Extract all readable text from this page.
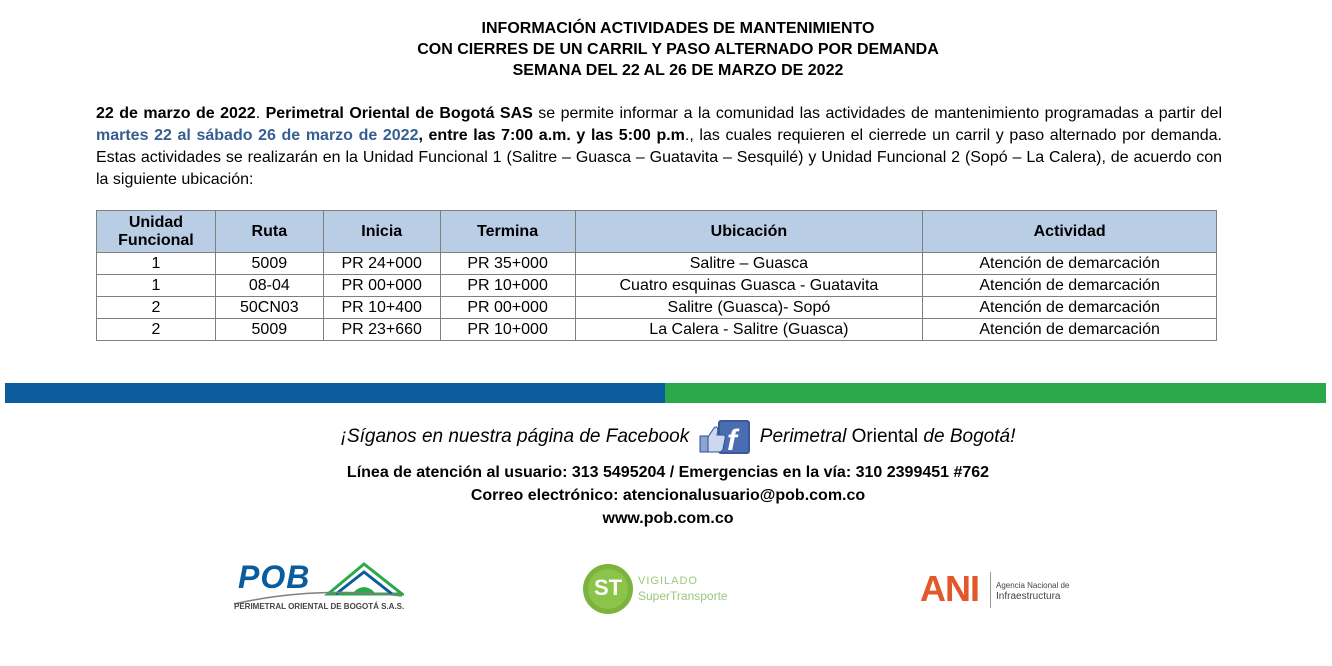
INFORMACIÓN ACTIVIDADES DE MANTENIMIENTO
CON CIERRES DE UN CARRIL Y PASO ALTERNADO POR DEMANDA
SEMANA DEL 22 AL 26 DE MARZO DE 2022
22 de marzo de 2022. Perimetral Oriental de Bogotá SAS se permite informar a la comunidad las actividades de mantenimiento programadas a partir del martes 22 al sábado 26 de marzo de 2022, entre las 7:00 a.m. y las 5:00 p.m., las cuales requieren el cierrede un carril y paso alternado por demanda. Estas actividades se realizarán en la Unidad Funcional 1 (Salitre – Guasca – Guatavita – Sesquilé) y Unidad Funcional 2 (Sopó – La Calera), de acuerdo con la siguiente ubicación:
Unidad Funcional	Ruta	Inicia	Termina	Ubicación	Actividad
1	5009	PR 24+000	PR 35+000	Salitre – Guasca	Atención de demarcación
1	08-04	PR 00+000	PR 10+000	Cuatro esquinas Guasca - Guatavita	Atención de demarcación
2	50CN03	PR 10+400	PR 00+000	Salitre (Guasca)- Sopó	Atención de demarcación
2	5009	PR 23+660	PR 10+000	La Calera - Salitre (Guasca)	Atención de demarcación
¡Síganos en nuestra página de Facebook f Perimetral Oriental de Bogotá!
Línea de atención al usuario: 313 5495204 / Emergencias en la vía: 310 2399451 #762
Correo electrónico: atencionalusuario@pob.com.co
www.pob.com.co
POB
PERIMETRAL ORIENTAL DE BOGOTÁ S.A.S.
ST	VIGILADO
SuperTransporte	ANI Agencia Nacional de
Infraestructura
